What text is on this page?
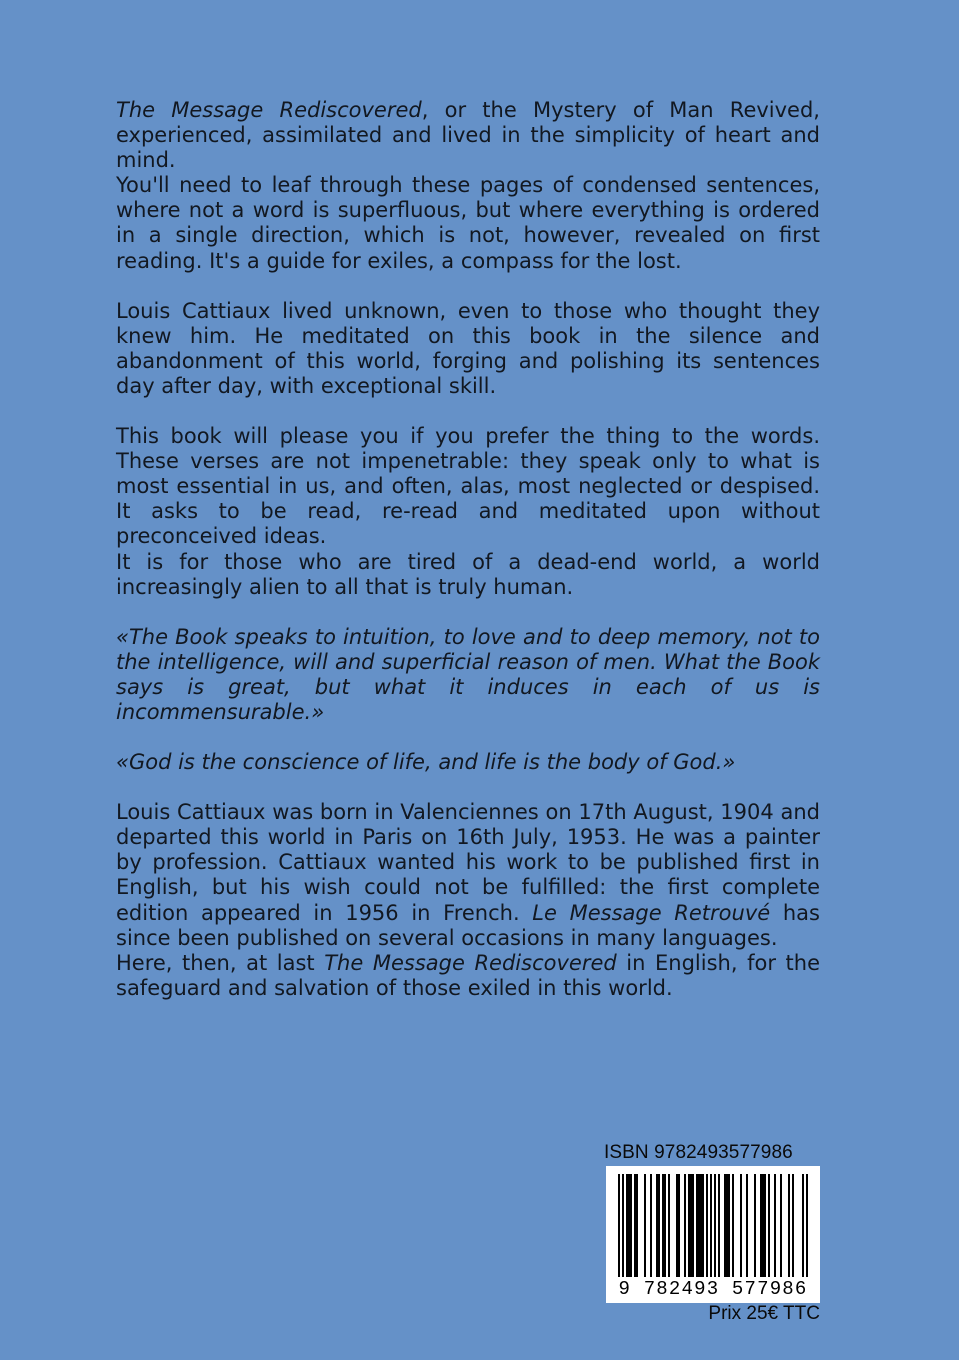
The Message Rediscovered, or the Mystery of Man Revived, experienced, assimilated and lived in the simplicity of heart and mind.

You'll need to leaf through these pages of condensed sentences, where not a word is superfluous, but where everything is ordered in a single direction, which is not, however, revealed on first reading. It's a guide for exiles, a compass for the lost.

Louis Cattiaux lived unknown, even to those who thought they knew him. He meditated on this book in the silence and abandonment of this world, forging and polishing its sentences day after day, with exceptional skill.

This book will please you if you prefer the thing to the words. These verses are not impenetrable: they speak only to what is most essential in us, and often, alas, most neglected or despised. It asks to be read, re-read and meditated upon without preconceived ideas.

It is for those who are tired of a dead-end world, a world increasingly alien to all that is truly human.

«The Book speaks to intuition, to love and to deep memory, not to the intelligence, will and superficial reason of men. What the Book says is great, but what it induces in each of us is incommensurable.»

«God is the conscience of life, and life is the body of God.»

Louis Cattiaux was born in Valenciennes on 17th August, 1904 and departed this world in Paris on 16th July, 1953. He was a painter by profession. Cattiaux wanted his work to be published first in English, but his wish could not be fulfilled: the first complete edition appeared in 1956 in French. Le Message Retrouvé has since been published on several occasions in many languages.

Here, then, at last The Message Rediscovered in English, for the safeguard and salvation of those exiled in this world.

ISBN 9782493577986
9 782493 577986
Prix 25€ TTC
